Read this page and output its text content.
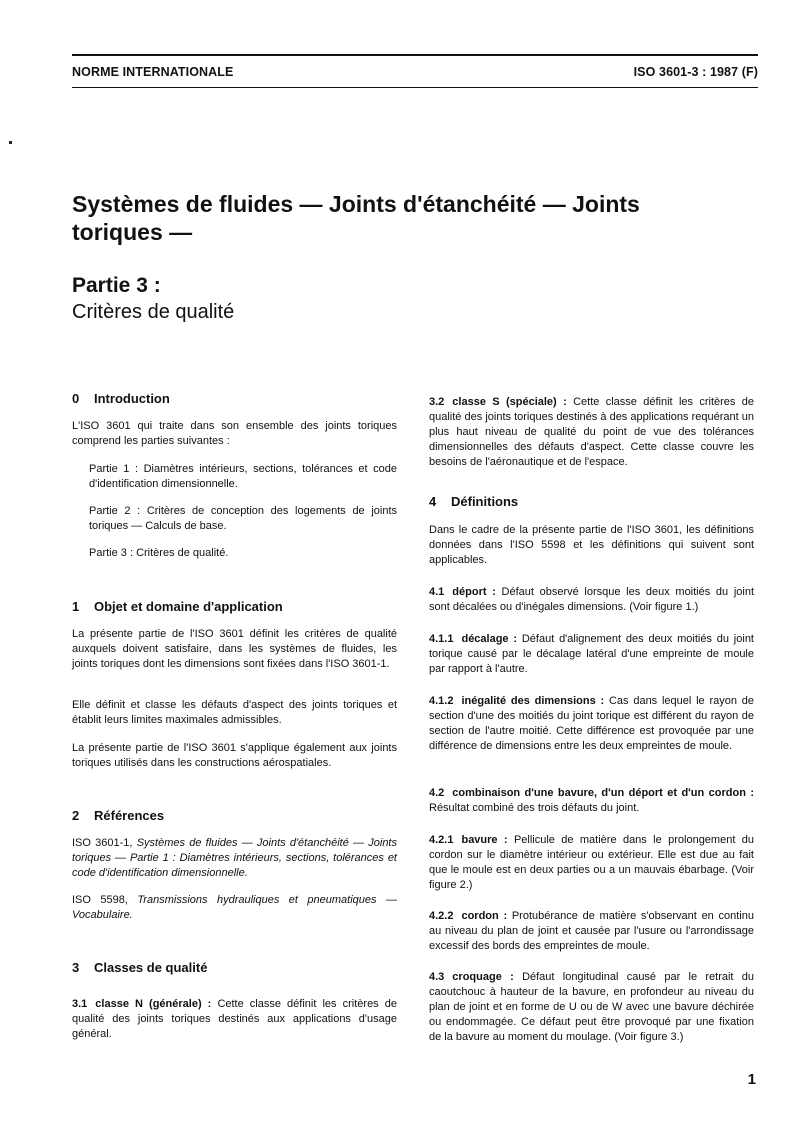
NORME INTERNATIONALE	ISO 3601-3 : 1987 (F)
Systèmes de fluides — Joints d'étanchéité — Joints
toriques —
Partie 3 :
Critères de qualité
0 Introduction

L'ISO 3601 qui traite dans son ensemble des joints toriques comprend les parties suivantes :

Partie 1 : Diamètres intérieurs, sections, tolérances et code d'identification dimensionnelle.

Partie 2 : Critères de conception des logements de joints toriques — Calculs de base.

Partie 3 : Critères de qualité.

1 Objet et domaine d'application

La présente partie de l'ISO 3601 définit les critères de qualité auxquels doivent satisfaire, dans les systèmes de fluides, les joints toriques dont les dimensions sont fixées dans l'ISO 3601-1.

Elle définit et classe les défauts d'aspect des joints toriques et établit leurs limites maximales admissibles.

La présente partie de l'ISO 3601 s'applique également aux joints toriques utilisés dans les constructions aérospatiales.

2 Références

ISO 3601-1, Systèmes de fluides — Joints d'étanchéité — Joints toriques — Partie 1 : Diamètres intérieurs, sections, tolérances et code d'identification dimensionnelle.

ISO 5598, Transmissions hydrauliques et pneumatiques — Vocabulaire.

3 Classes de qualité

3.1 classe N (générale) : Cette classe définit les critères de qualité des joints toriques destinés aux applications d'usage général.

3.2 classe S (spéciale) : Cette classe définit les critères de qualité des joints toriques destinés à des applications requérant un plus haut niveau de qualité du point de vue des tolérances dimensionnelles des défauts d'aspect. Cette classe couvre les besoins de l'aéronautique et de l'espace.

4 Définitions

Dans le cadre de la présente partie de l'ISO 3601, les définitions données dans l'ISO 5598 et les définitions qui suivent sont applicables.

4.1 déport : Défaut observé lorsque les deux moitiés du joint sont décalées ou d'inégales dimensions. (Voir figure 1.)

4.1.1 décalage : Défaut d'alignement des deux moitiés du joint torique causé par le décalage latéral d'une empreinte de moule par rapport à l'autre.

4.1.2 inégalité des dimensions : Cas dans lequel le rayon de section d'une des moitiés du joint torique est différent du rayon de section de l'autre moitié. Cette différence est provoquée par une différence de dimensions entre les deux empreintes de moule.

4.2 combinaison d'une bavure, d'un déport et d'un cordon : Résultat combiné des trois défauts du joint.

4.2.1 bavure : Pellicule de matière dans le prolongement du cordon sur le diamètre intérieur ou extérieur. Elle est due au fait que le moule est en deux parties ou a un mauvais ébarbage. (Voir figure 2.)

4.2.2 cordon : Protubérance de matière s'observant en continu au niveau du plan de joint et causée par l'usure ou l'arrondissage excessif des bords des empreintes de moule.

4.3 croquage : Défaut longitudinal causé par le retrait du caoutchouc à hauteur de la bavure, en profondeur au niveau du plan de joint et en forme de U ou de W avec une bavure déchirée ou endommagée. Ce défaut peut être provoqué par une fixation de la bavure au moment du moulage. (Voir figure 3.)

1
